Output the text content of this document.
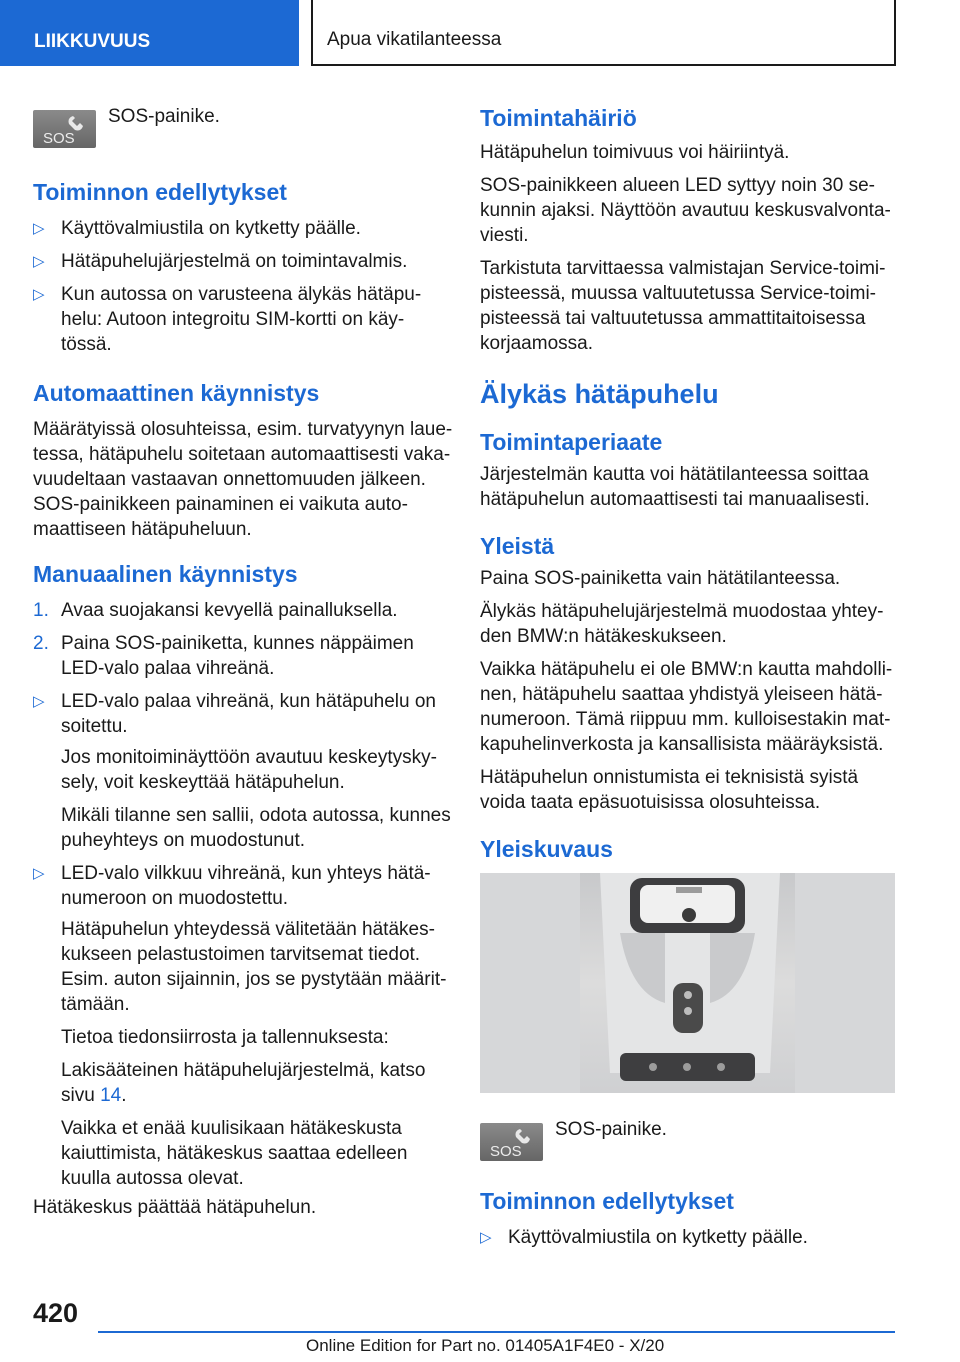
LIIKKUVUUS	Apua vikatilanteessa
SOS
SOS-painike.
Toiminnon edellytykset
▷ Käyttövalmiustila on kytketty päälle.
▷ Hätäpuhelujärjestelmä on toimintavalmis.
▷ Kun autossa on varusteena älykäs hätäpu-helu: Autoon integroitu SIM-kortti on käy-tössä.
Automaattinen käynnistys

Määrätyissä olosuhteissa, esim. turvatyynyn laue-tessa, hätäpuhelu soitetaan automaattisesti vaka-vuudeltaan vastaavan onnettomuuden jälkeen. SOS-painikkeen painaminen ei vaikuta auto-maattiseen hätäpuheluun.

Manuaalinen käynnistys
1. Avaa suojakansi kevyellä painalluksella.
2. Paina SOS-painiketta, kunnes näppäimen LED-valo palaa vihreänä.
▷ LED-valo palaa vihreänä, kun hätäpuhelu on soitettu.

Jos monitoiminäyttöön avautuu keskeytysky-sely, voit keskeyttää hätäpuhelun.

Mikäli tilanne sen sallii, odota autossa, kunnes puheyhteys on muodostunut.

▷ LED-valo vilkkuu vihreänä, kun yhteys hätä-numeroon on muodostettu.

Hätäpuhelun yhteydessä välitetään hätäkes-kukseen pelastustoimen tarvitsemat tiedot. Esim. auton sijainnin, jos se pystytään määrit-tämään.

Tietoa tiedonsiirrosta ja tallennuksesta:

Lakisääteinen hätäpuhelujärjestelmä, katso sivu 14.

Vaikka et enää kuulisikaan hätäkeskusta kaiuttimista, hätäkeskus saattaa edelleen kuulla autossa olevat.

Hätäkeskus päättää hätäpuhelun.

Toimintahäiriö

Hätäpuhelun toimivuus voi häiriintyä.

SOS-painikkeen alueen LED syttyy noin 30 se-kunnin ajaksi. Näyttöön avautuu keskusvalvonta-viesti.

Tarkistuta tarvittaessa valmistajan Service-toimi-pisteessä, muussa valtuutetussa Service-toimi-pisteessä tai valtuutetussa ammattitaitoisessa korjaamossa.

Älykäs hätäpuhelu
Toimintaperiaate

Järjestelmän kautta voi hätätilanteessa soittaa hätäpuhelun automaattisesti tai manuaalisesti.

Yleistä

Paina SOS-painiketta vain hätätilanteessa.

Älykäs hätäpuhelujärjestelmä muodostaa yhtey-den BMW:n hätäkeskukseen.

Vaikka hätäpuhelu ei ole BMW:n kautta mahdolli-nen, hätäpuhelu saattaa yhdistyä yleiseen hätä-numeroon. Tämä riippuu mm. kulloisestakin mat-kapuhelinverkosta ja kansallisista määräyksistä.

Hätäpuhelun onnistumista ei teknisistä syistä voida taata epäsuotuisissa olosuhteissa.

Yleiskuvaus
SOS
SOS-painike.
Toiminnon edellytykset
▷ Käyttövalmiustila on kytketty päälle.
420
Online Edition for Part no. 01405A1F4E0 - X/20
